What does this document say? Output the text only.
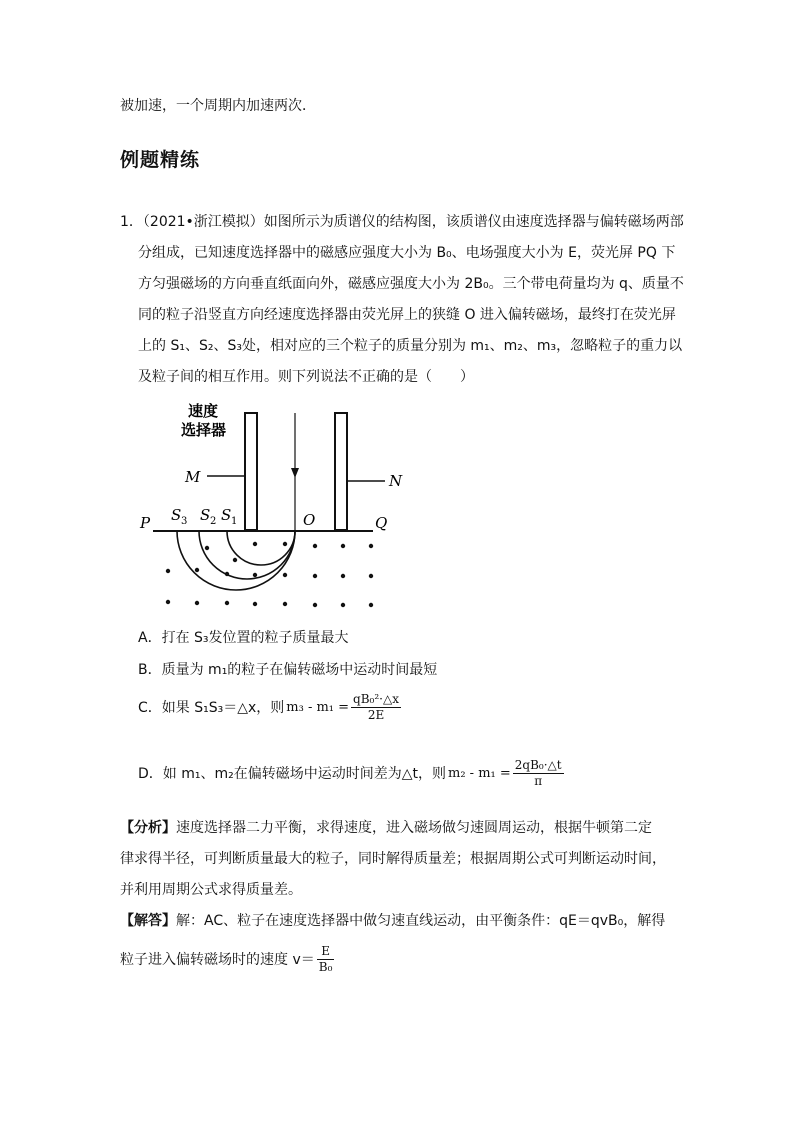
被加速，一个周期内加速两次．
例题精练
1．（2021•浙江模拟）如图所示为质谱仪的结构图，该质谱仪由速度选择器与偏转磁场两部
分组成，已知速度选择器中的磁感应强度大小为 B₀、电场强度大小为 E，荧光屏 PQ 下
方匀强磁场的方向垂直纸面向外，磁感应强度大小为 2B₀。三个带电荷量均为 q、质量不
同的粒子沿竖直方向经速度选择器由荧光屏上的狭缝 O 进入偏转磁场，最终打在荧光屏
上的 S₁、S₂、S₃处，相对应的三个粒子的质量分别为 m₁、m₂、m₃，忽略粒子的重力以
及粒子间的相互作用。则下列说法不正确的是（　　）
速度
选择器
M	N
P	Q
O
S 3 S 2 S 1
A．打在 S₃发位置的粒子质量最大
B．质量为 m₁的粒子在偏转磁场中运动时间最短
C．如果 S₁S₃＝△x，则 $m_3 - m_1 = \frac{\text{qB₀²·△x}}{2E}$
D．如 m₁、m₂在偏转磁场中运动时间差为△t，则 $m_2 - m_1 = \frac{\text{2qB₀·△t}}{\pi}$
【分析】速度选择器二力平衡，求得速度，进入磁场做匀速圆周运动，根据牛顿第二定
律求得半径，可判断质量最大的粒子，同时解得质量差；根据周期公式可判断运动时间，
并利用周期公式求得质量差。
【解答】解：AC、粒子在速度选择器中做匀速直线运动，由平衡条件：qE＝qvB₀，解得
粒子进入偏转磁场时的速度 $v= \frac{E}{\text{B₀}}$
